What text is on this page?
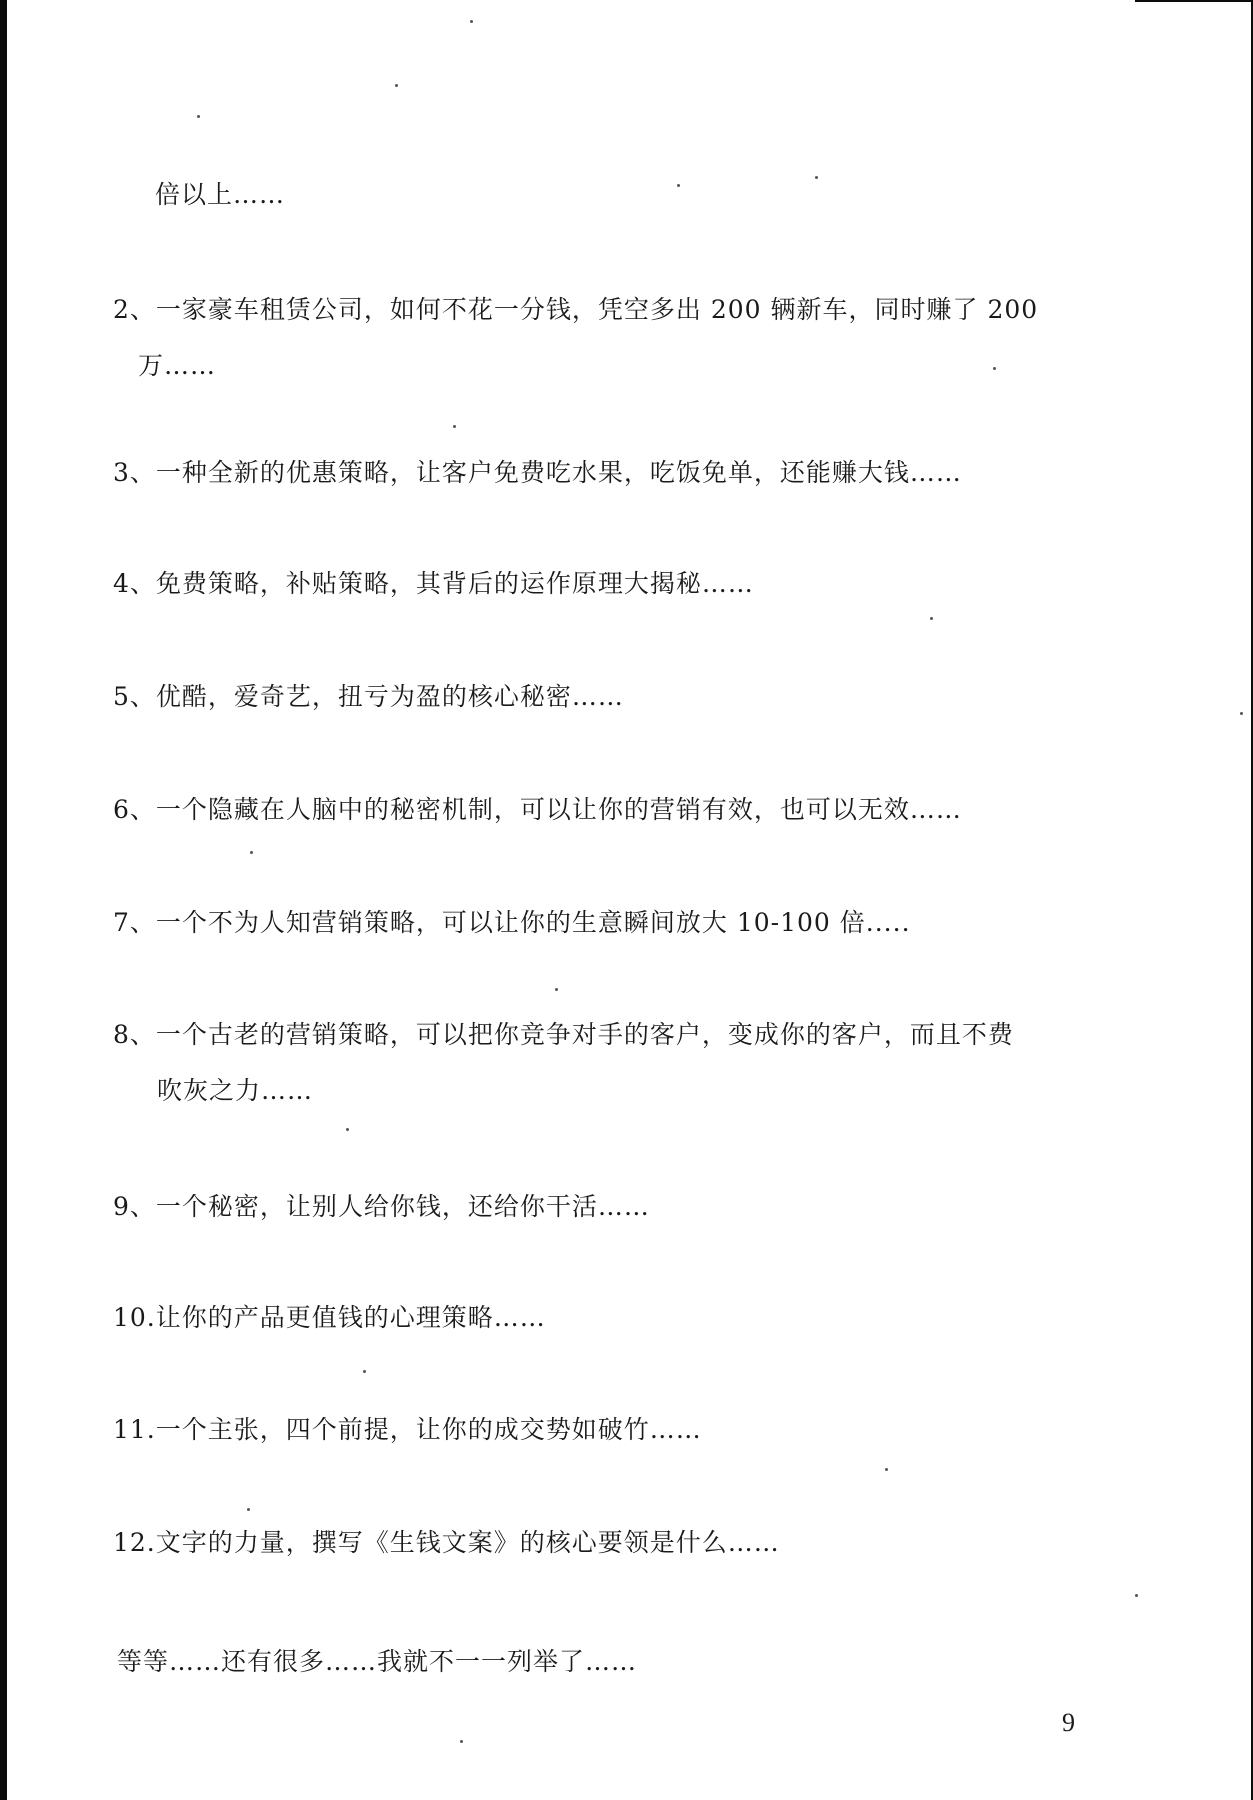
倍以上……
2、一家豪车租赁公司，如何不花一分钱，凭空多出 200 辆新车，同时赚了 200
万……
3、一种全新的优惠策略，让客户免费吃水果，吃饭免单，还能赚大钱……
4、免费策略，补贴策略，其背后的运作原理大揭秘……
5、优酷，爱奇艺，扭亏为盈的核心秘密……
6、一个隐藏在人脑中的秘密机制，可以让你的营销有效，也可以无效……
7、一个不为人知营销策略，可以让你的生意瞬间放大 10-100 倍.....
8、一个古老的营销策略，可以把你竞争对手的客户，变成你的客户，而且不费
吹灰之力……
9、一个秘密，让别人给你钱，还给你干活……
10.让你的产品更值钱的心理策略……
11.一个主张，四个前提，让你的成交势如破竹……
12.文字的力量，撰写《生钱文案》的核心要领是什么……
等等……还有很多……我就不一一列举了……
9
